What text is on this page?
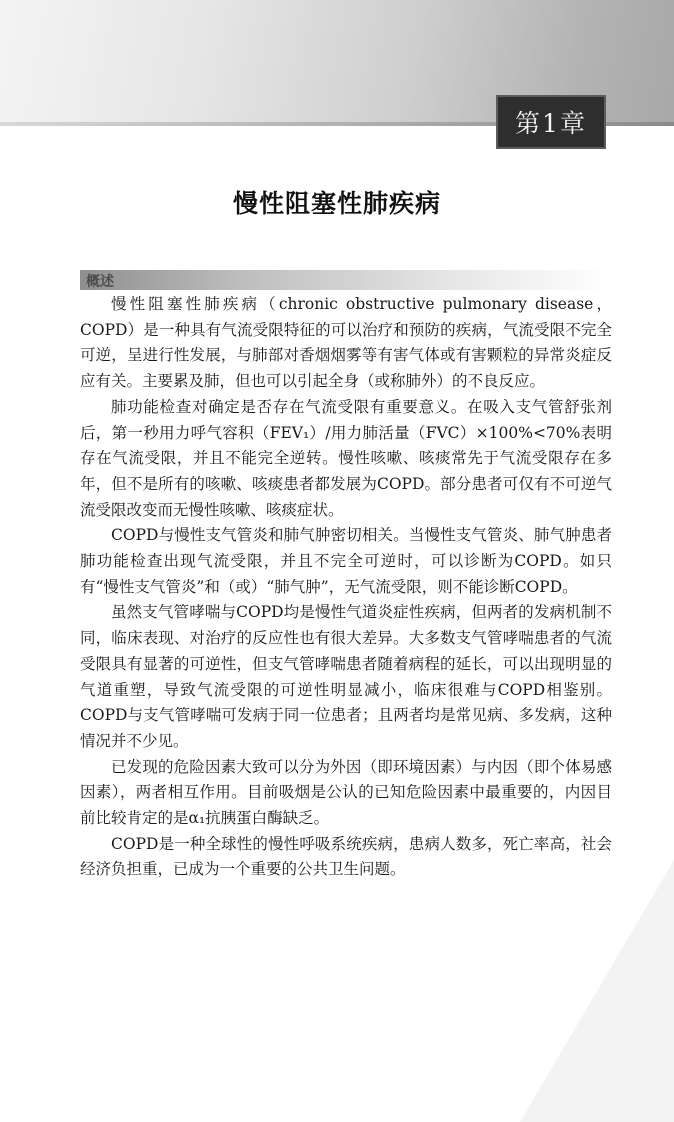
第1章
慢性阻塞性肺疾病
概述

慢性阻塞性肺疾病（chronic obstructive pulmonary disease，COPD）是一种具有气流受限特征的可以治疗和预防的疾病，气流受限不完全可逆，呈进行性发展，与肺部对香烟烟雾等有害气体或有害颗粒的异常炎症反应有关。主要累及肺，但也可以引起全身（或称肺外）的不良反应。

肺功能检查对确定是否存在气流受限有重要意义。在吸入支气管舒张剂后，第一秒用力呼气容积（FEV₁）/用力肺活量（FVC）×100%<70%表明存在气流受限，并且不能完全逆转。慢性咳嗽、咳痰常先于气流受限存在多年，但不是所有的咳嗽、咳痰患者都发展为COPD。部分患者可仅有不可逆气流受限改变而无慢性咳嗽、咳痰症状。

COPD与慢性支气管炎和肺气肿密切相关。当慢性支气管炎、肺气肿患者肺功能检查出现气流受限，并且不完全可逆时，可以诊断为COPD。如只有“慢性支气管炎”和（或）“肺气肿”，无气流受限，则不能诊断COPD。

虽然支气管哮喘与COPD均是慢性气道炎症性疾病，但两者的发病机制不同，临床表现、对治疗的反应性也有很大差异。大多数支气管哮喘患者的气流受限具有显著的可逆性，但支气管哮喘患者随着病程的延长，可以出现明显的气道重塑，导致气流受限的可逆性明显减小，临床很难与COPD相鉴别。COPD与支气管哮喘可发病于同一位患者；且两者均是常见病、多发病，这种情况并不少见。

已发现的危险因素大致可以分为外因（即环境因素）与内因（即个体易感因素），两者相互作用。目前吸烟是公认的已知危险因素中最重要的，内因目前比较肯定的是α₁抗胰蛋白酶缺乏。

COPD是一种全球性的慢性呼吸系统疾病，患病人数多，死亡率高，社会经济负担重，已成为一个重要的公共卫生问题。
